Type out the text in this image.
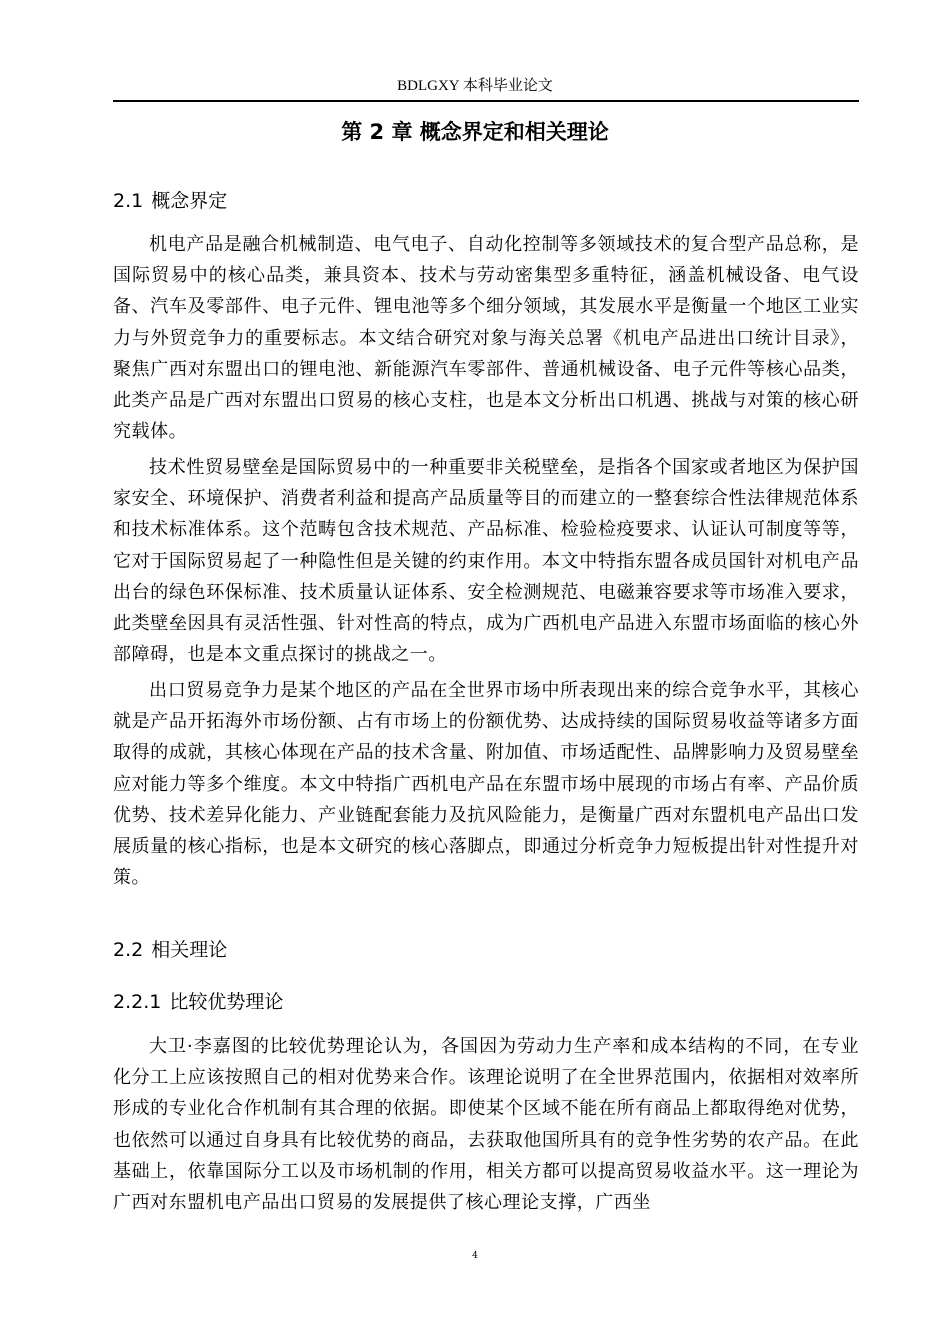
BDLGXY 本科毕业论文
第 2 章 概念界定和相关理论
2.1 概念界定

机电产品是融合机械制造、电气电子、自动化控制等多领域技术的复合型产品总称，是国际贸易中的核心品类，兼具资本、技术与劳动密集型多重特征，涵盖机械设备、电气设备、汽车及零部件、电子元件、锂电池等多个细分领域，其发展水平是衡量一个地区工业实力与外贸竞争力的重要标志。本文结合研究对象与海关总署《机电产品进出口统计目录》，聚焦广西对东盟出口的锂电池、新能源汽车零部件、普通机械设备、电子元件等核心品类，此类产品是广西对东盟出口贸易的核心支柱，也是本文分析出口机遇、挑战与对策的核心研究载体。

技术性贸易壁垒是国际贸易中的一种重要非关税壁垒，是指各个国家或者地区为保护国家安全、环境保护、消费者利益和提高产品质量等目的而建立的一整套综合性法律规范体系和技术标准体系。这个范畴包含技术规范、产品标准、检验检疫要求、认证认可制度等等，它对于国际贸易起了一种隐性但是关键的约束作用。本文中特指东盟各成员国针对机电产品出台的绿色环保标准、技术质量认证体系、安全检测规范、电磁兼容要求等市场准入要求，此类壁垒因具有灵活性强、针对性高的特点，成为广西机电产品进入东盟市场面临的核心外部障碍，也是本文重点探讨的挑战之一。

出口贸易竞争力是某个地区的产品在全世界市场中所表现出来的综合竞争水平，其核心就是产品开拓海外市场份额、占有市场上的份额优势、达成持续的国际贸易收益等诸多方面取得的成就，其核心体现在产品的技术含量、附加值、市场适配性、品牌影响力及贸易壁垒应对能力等多个维度。本文中特指广西机电产品在东盟市场中展现的市场占有率、产品价质优势、技术差异化能力、产业链配套能力及抗风险能力，是衡量广西对东盟机电产品出口发展质量的核心指标，也是本文研究的核心落脚点，即通过分析竞争力短板提出针对性提升对策。

2.2 相关理论
2.2.1 比较优势理论

大卫·李嘉图的比较优势理论认为，各国因为劳动力生产率和成本结构的不同，在专业化分工上应该按照自己的相对优势来合作。该理论说明了在全世界范围内，依据相对效率所形成的专业化合作机制有其合理的依据。即使某个区域不能在所有商品上都取得绝对优势，也依然可以通过自身具有比较优势的商品，去获取他国所具有的竞争性劣势的农产品。在此基础上，依靠国际分工以及市场机制的作用，相关方都可以提高贸易收益水平。这一理论为广西对东盟机电产品出口贸易的发展提供了核心理论支撑，广西坐

4
